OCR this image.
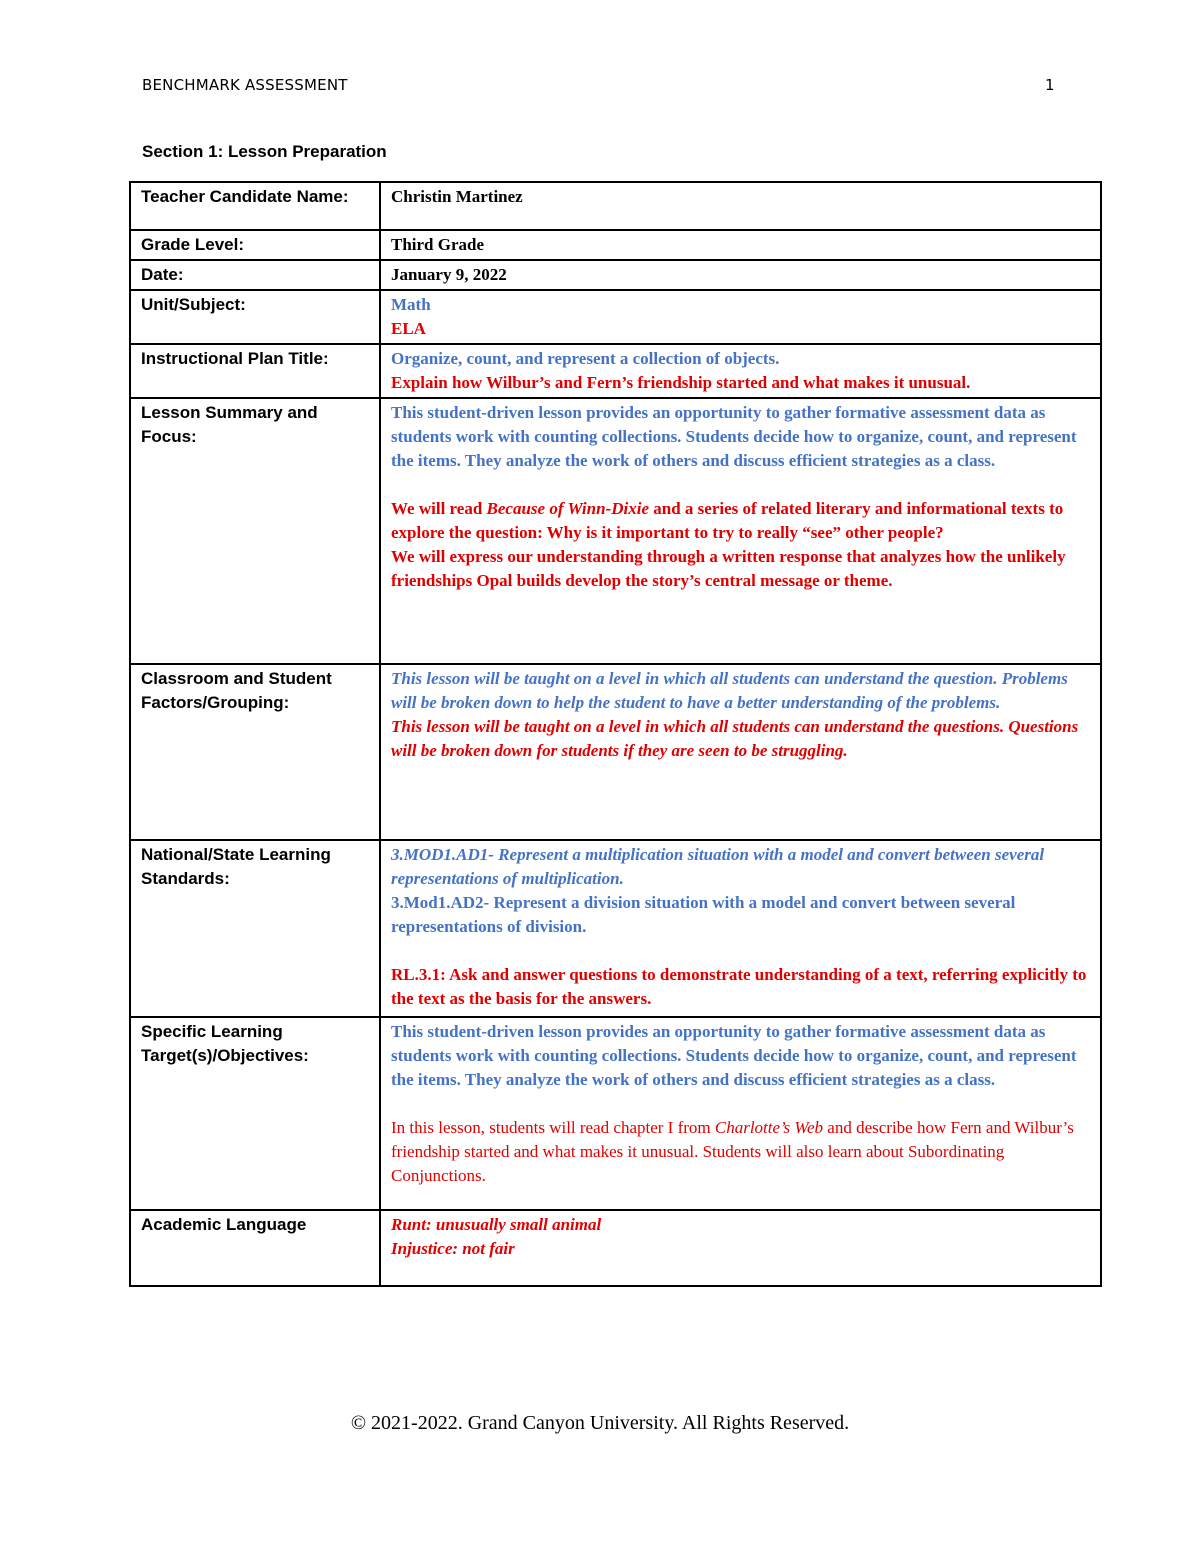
BENCHMARK ASSESSMENT	1
Section 1: Lesson Preparation
Teacher Candidate Name:	Christin Martinez
Grade Level:	Third Grade
Date:	January 9, 2022
Unit/Subject:	Math
ELA

Instructional Plan Title:	Organize, count, and represent a collection of objects.
Explain how Wilbur’s and Fern’s friendship started and what makes it unusual.

Lesson Summary and Focus:	This student-driven lesson provides an opportunity to gather formative assessment data as students work with counting collections. Students decide how to organize, count, and represent the items. They analyze the work of others and discuss efficient strategies as a class.
We will read Because of Winn-Dixie and a series of related literary and informational texts to explore the question: Why is it important to try to really “see” other people?
We will express our understanding through a written response that analyzes how the unlikely friendships Opal builds develop the story’s central message or theme.

Classroom and Student Factors/Grouping:	This lesson will be taught on a level in which all students can understand the question. Problems will be broken down to help the student to have a better understanding of the problems.
This lesson will be taught on a level in which all students can understand the questions. Questions will be broken down for students if they are seen to be struggling.

National/State Learning Standards:	3.MOD1.AD1- Represent a multiplication situation with a model and convert between several representations of multiplication.
3.Mod1.AD2- Represent a division situation with a model and convert between several representations of division.
RL.3.1: Ask and answer questions to demonstrate understanding of a text, referring explicitly to the text as the basis for the answers.

Specific Learning Target(s)/Objectives:	This student-driven lesson provides an opportunity to gather formative assessment data as students work with counting collections. Students decide how to organize, count, and represent the items. They analyze the work of others and discuss efficient strategies as a class.
In this lesson, students will read chapter I from Charlotte’s Web and describe how Fern and Wilbur’s friendship started and what makes it unusual. Students will also learn about Subordinating Conjunctions.

Academic Language	Runt: unusually small animal
Injustice: not fair
© 2021-2022. Grand Canyon University. All Rights Reserved.
